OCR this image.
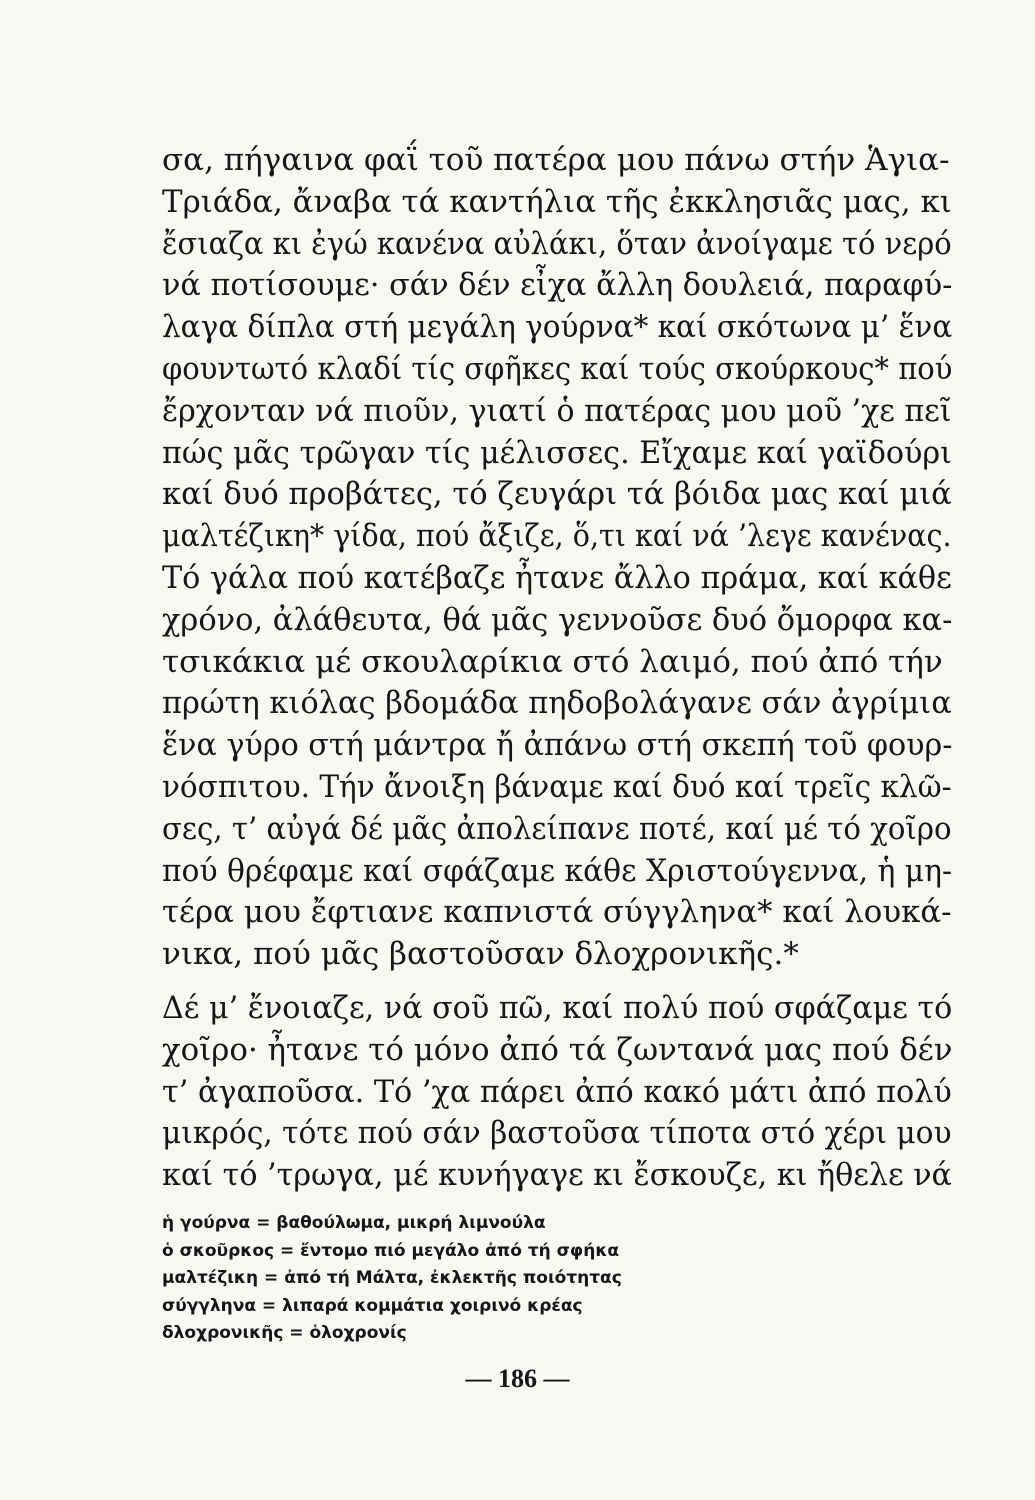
σα, πήγαινα φαΐ τοῦ πατέρα μου πάνω στήν Ἁγια-
Τριάδα, ἄναβα τά καντήλια τῆς ἐκκλησιᾶς μας, κι
ἔσιαζα κι ἐγώ κανένα αὐλάκι, ὅταν ἀνοίγαμε τό νερό
νά ποτίσουμε· σάν δέν εἶχα ἄλλη δουλειά, παραφύ-
λαγα δίπλα στή μεγάλη γούρνα* καί σκότωνα μ’ ἕνα
φουντωτό κλαδί τίς σφῆκες καί τούς σκούρκους* πού
ἔρχονταν νά πιοῦν, γιατί ὁ πατέρας μου μοῦ ’χε πεῖ
πώς μᾶς τρῶγαν τίς μέλισσες. Εἴχαμε καί γαϊδούρι
καί δυό προβάτες, τό ζευγάρι τά βόιδα μας καί μιά
μαλτέζικη* γίδα, πού ἄξιζε, ὅ,τι καί νά ’λεγε κανένας.
Τό γάλα πού κατέβαζε ἦτανε ἄλλο πράμα, καί κάθε
χρόνο, ἀλάθευτα, θά μᾶς γεννοῦσε δυό ὄμορφα κα-
τσικάκια μέ σκουλαρίκια στό λαιμό, πού ἀπό τήν
πρώτη κιόλας βδομάδα πηδοβολάγανε σάν ἀγρίμια
ἕνα γύρο στή μάντρα ἤ ἀπάνω στή σκεπή τοῦ φουρ-
νόσπιτου. Τήν ἄνοιξη βάναμε καί δυό καί τρεῖς κλῶ-
σες, τ’ αὐγά δέ μᾶς ἀπολείπανε ποτέ, καί μέ τό χοῖρο
πού θρέφαμε καί σφάζαμε κάθε Χριστούγεννα, ἡ μη-
τέρα μου ἔφτιανε καπνιστά σύγγληνα* καί λουκά-
νικα, πού μᾶς βαστοῦσαν δλοχρονικῆς.*
Δέ μ’ ἔνοιαζε, νά σοῦ πῶ, καί πολύ πού σφάζαμε τό
χοῖρο· ἦτανε τό μόνο ἀπό τά ζωντανά μας πού δέν
τ’ ἀγαποῦσα. Τό ’χα πάρει ἀπό κακό μάτι ἀπό πολύ
μικρός, τότε πού σάν βαστοῦσα τίποτα στό χέρι μου
καί τό ’τρωγα, μέ κυνήγαγε κι ἔσκουζε, κι ἤθελε νά
ἡ γούρνα = βαθούλωμα, μικρή λιμνούλα
ὁ σκοῦρκος = ἔντομο πιό μεγάλο ἀπό τή σφήκα
μαλτέζικη = ἀπό τή Μάλτα, ἐκλεκτῆς ποιότητας
σύγγληνα = λιπαρά κομμάτια χοιρινό κρέας
δλοχρονικῆς = ὁλοχρονίς
— 186 —
